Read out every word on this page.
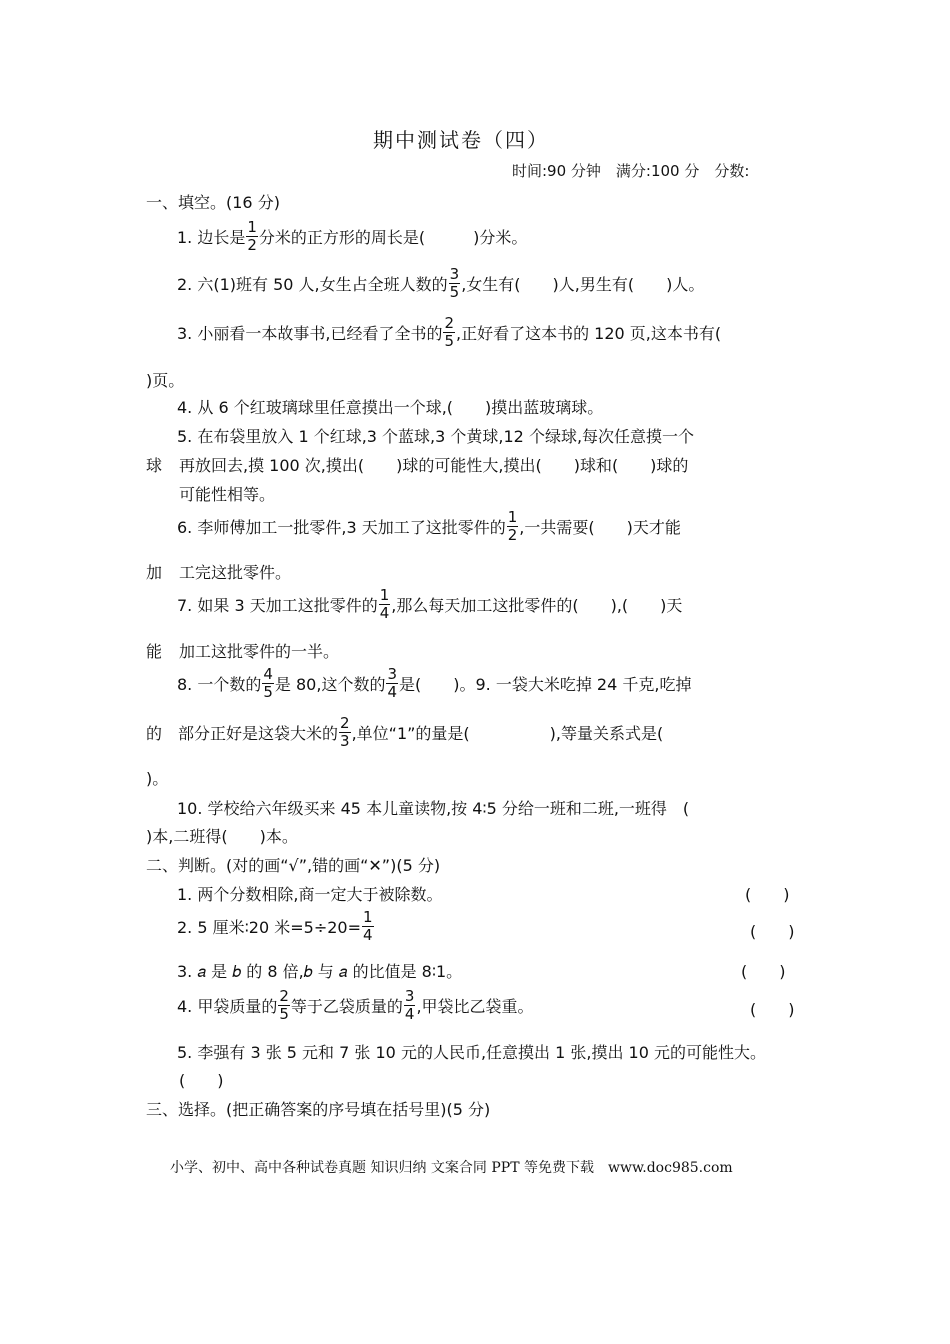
期中测试卷（四）
时间:90 分钟　满分:100 分　分数:
一、填空。(16 分)
1. 边长是 $\frac{1}{2}$ 分米的正方形的周长是(　　　)分米。
2. 六(1)班有 50 人,女生占全班人数的 $\frac{3}{5}$ ,女生有(　　)人,男生有(　　)人。
3. 小丽看一本故事书,已经看了全书的 $\frac{2}{5}$ ,正好看了这本书的 120 页,这本书有(
)页。
4. 从 6 个红玻璃球里任意摸出一个球,(　　)摸出蓝玻璃球。
5. 在布袋里放入 1 个红球,3 个蓝球,3 个黄球,12 个绿球,每次任意摸一个
球 再放回去,摸 100 次,摸出(　　)球的可能性大,摸出(　　)球和(　　)球的
可能性相等。
6. 李师傅加工一批零件,3 天加工了这批零件的 $\frac{1}{2}$ ,一共需要(　　)天才能
加 工完这批零件。
7. 如果 3 天加工这批零件的 $\frac{1}{4}$ ,那么每天加工这批零件的(　　),(　　)天
能 加工这批零件的一半。
8. 一个数的 $\frac{4}{5}$ 是 80,这个数的 $\frac{3}{4}$ 是(　　)。9. 一袋大米吃掉 24 千克,吃掉
的 部分正好是这袋大米的 $\frac{2}{3}$ ,单位“1”的量是(　　　　　),等量关系式是(
)。
10. 学校给六年级买来 45 本儿童读物,按 4∶5 分给一班和二班,一班得　(
)本,二班得(　　)本。
二、判断。(对的画“√”,错的画“✕”)(5 分)
1. 两个分数相除,商一定大于被除数。	(　　)
2. 5 厘米∶20 米$=5\div 20= \frac{1}{4}$	(　　)
3. 𝑎 是 𝑏 的 8 倍,𝑏 与 𝑎 的比值是 8∶1。	(　　)
4. 甲袋质量的 $\frac{2}{5}$ 等于乙袋质量的 $\frac{3}{4}$ ,甲袋比乙袋重。	(　　)
5. 李强有 3 张 5 元和 7 张 10 元的人民币,任意摸出 1 张,摸出 10 元的可能性大。
(　　)
三、选择。(把正确答案的序号填在括号里)(5 分)
小学、初中、高中各种试卷真题 知识归纳 文案合同 PPT 等免费下载　www.doc985.com
